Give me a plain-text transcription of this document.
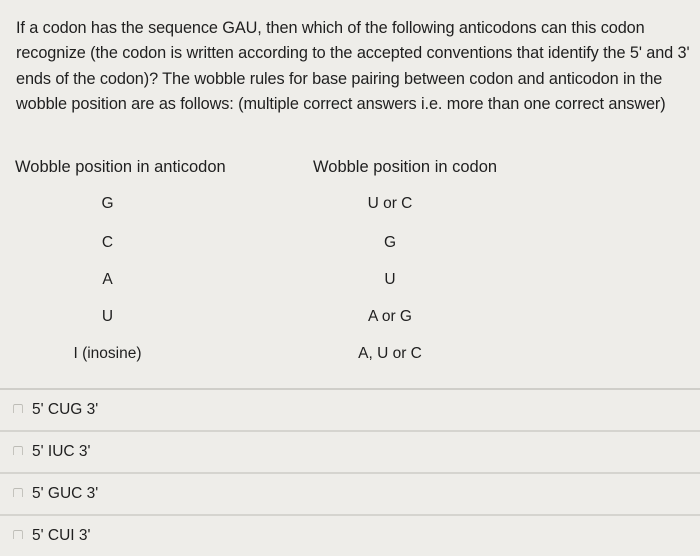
If a codon has the sequence GAU, then which of the following anticodons can this codon recognize (the codon is written according to the accepted conventions that identify the 5' and 3' ends of the codon)? The wobble rules for base pairing between codon and anticodon in the wobble position are as follows: (multiple correct answers i.e. more than one correct answer)
Wobble position in anticodon	Wobble position in codon
G	U or C
C	G
A	U
U	A or G
I (inosine)	A, U or C
5' CUG 3'
5' IUC 3'
5' GUC 3'
5' CUI 3'
